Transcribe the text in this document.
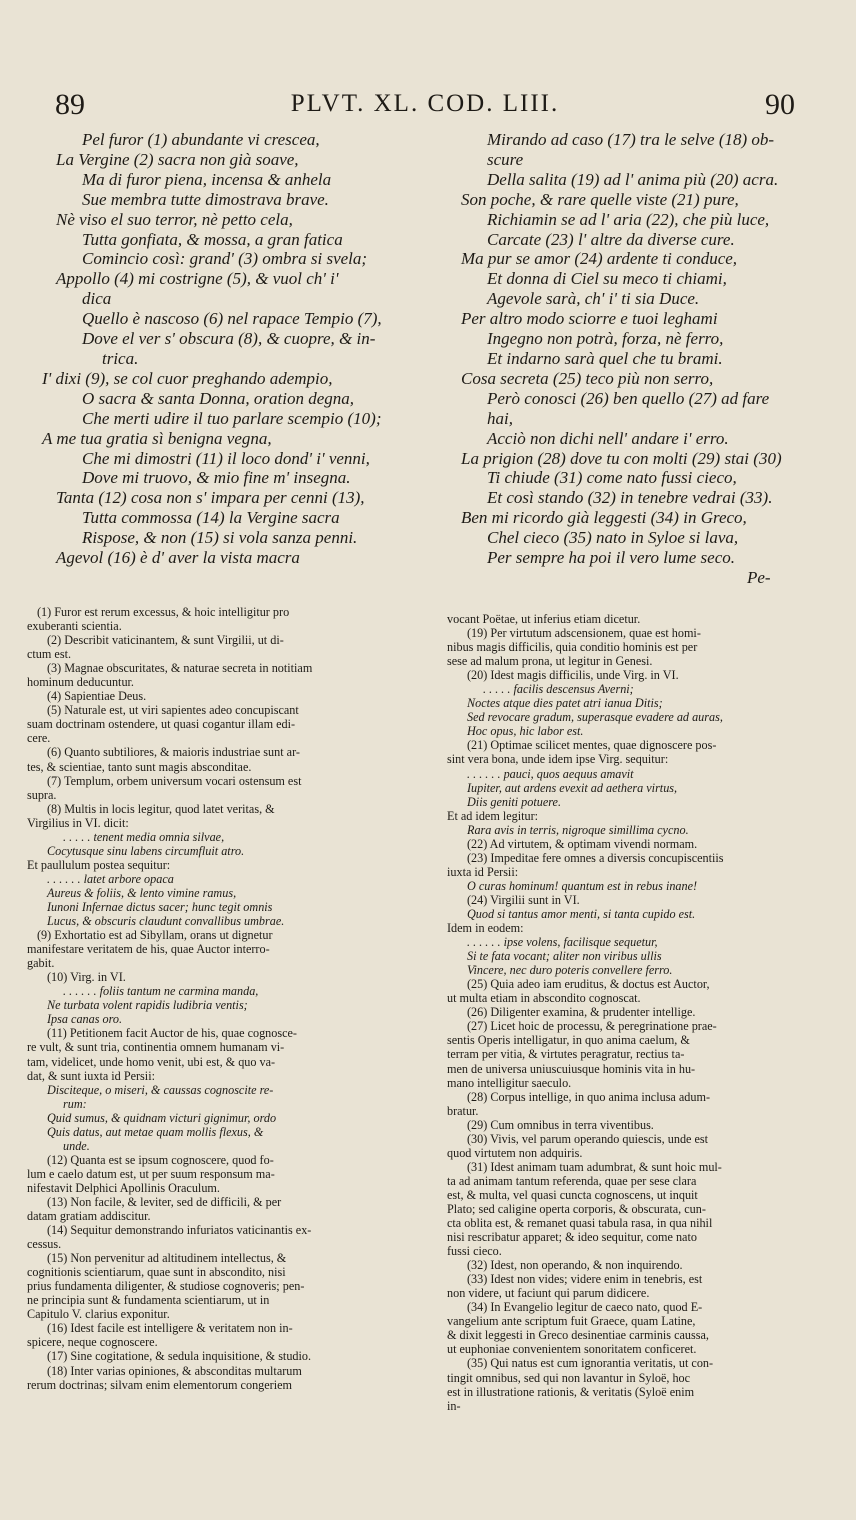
89	PLVT. XL. COD. LIII.	90

Pel furor (1) abundante vi crescea,

La Vergine (2) sacra non già soave,

Ma di furor piena, incensa & anhela

Sue membra tutte dimostrava brave.

Nè viso el suo terror, nè petto cela,

Tutta gonfiata, & mossa, a gran fatica

Comincio così: grand' (3) ombra si svela;

Appollo (4) mi costrigne (5), & vuol ch' i'

dica

Quello è nascoso (6) nel rapace Tempio (7),

Dove el ver s' obscura (8), & cuopre, & in-

trica.

I' dixi (9), se col cuor preghando adempio,

O sacra & santa Donna, oration degna,

Che merti udire il tuo parlare scempio (10);

A me tua gratia sì benigna vegna,

Che mi dimostri (11) il loco dond' i' venni,

Dove mi truovo, & mio fine m' insegna.

Tanta (12) cosa non s' impara per cenni (13),

Tutta commossa (14) la Vergine sacra

Rispose, & non (15) si vola sanza penni.

Agevol (16) è d' aver la vista macra

Mirando ad caso (17) tra le selve (18) ob-

scure

Della salita (19) ad l' anima più (20) acra.

Son poche, & rare quelle viste (21) pure,

Richiamin se ad l' aria (22), che più luce,

Carcate (23) l' altre da diverse cure.

Ma pur se amor (24) ardente ti conduce,

Et donna di Ciel su meco ti chiami,

Agevole sarà, ch' i' ti sia Duce.

Per altro modo sciorre e tuoi leghami

Ingegno non potrà, forza, nè ferro,

Et indarno sarà quel che tu brami.

Cosa secreta (25) teco più non serro,

Però conosci (26) ben quello (27) ad fare

hai,

Acciò non dichi nell' andare i' erro.

La prigion (28) dove tu con molti (29) stai (30)

Ti chiude (31) come nato fussi cieco,

Et così stando (32) in tenebre vedrai (33).

Ben mi ricordo già leggesti (34) in Greco,

Chel cieco (35) nato in Syloe si lava,

Per sempre ha poi il vero lume seco.

Pe-

(1) Furor est rerum excessus, & hoic intelligitur pro

exuberanti scientia.

(2) Describit vaticinantem, & sunt Virgilii, ut di-

ctum est.

(3) Magnae obscuritates, & naturae secreta in notitiam

hominum deducuntur.

(4) Sapientiae Deus.

(5) Naturale est, ut viri sapientes adeo concupiscant

suam doctrinam ostendere, ut quasi cogantur illam edi-

cere.

(6) Quanto subtiliores, & maioris industriae sunt ar-

tes, & scientiae, tanto sunt magis absconditae.

(7) Templum, orbem universum vocari ostensum est

supra.

(8) Multis in locis legitur, quod latet veritas, &

Virgilius in VI. dicit:

. . . . . tenent media omnia silvae,

Cocytusque sinu labens circumfluit atro.

Et paullulum postea sequitur:

. . . . . . latet arbore opaca

Aureus & foliis, & lento vimine ramus,

Iunoni Infernae dictus sacer; hunc tegit omnis

Lucus, & obscuris claudunt convallibus umbrae.

(9) Exhortatio est ad Sibyllam, orans ut dignetur

manifestare veritatem de his, quae Auctor interro-

gabit.

(10) Virg. in VI.

. . . . . . foliis tantum ne carmina manda,

Ne turbata volent rapidis ludibria ventis;

Ipsa canas oro.

(11) Petitionem facit Auctor de his, quae cognosce-

re vult, & sunt tria, continentia omnem humanam vi-

tam, videlicet, unde homo venit, ubi est, & quo va-

dat, & sunt iuxta id Persii:

Disciteque, o miseri, & caussas cognoscite re-

rum:

Quid sumus, & quidnam victuri gignimur, ordo

Quis datus, aut metae quam mollis flexus, &

unde.

(12) Quanta est se ipsum cognoscere, quod fo-

lum e caelo datum est, ut per suum responsum ma-

nifestavit Delphici Apollinis Oraculum.

(13) Non facile, & leviter, sed de difficili, & per

datam gratiam addiscitur.

(14) Sequitur demonstrando infuriatos vaticinantis ex-

cessus.

(15) Non pervenitur ad altitudinem intellectus, &

cognitionis scientiarum, quae sunt in abscondito, nisi

prius fundamenta diligenter, & studiose cognoveris; pen-

ne principia sunt & fundamenta scientiarum, ut in

Capitulo V. clarius exponitur.

(16) Idest facile est intelligere & veritatem non in-

spicere, neque cognoscere.

(17) Sine cogitatione, & sedula inquisitione, & studio.

(18) Inter varias opiniones, & absconditas multarum

rerum doctrinas; silvam enim elementorum congeriem

vocant Poëtae, ut inferius etiam dicetur.

(19) Per virtutum adscensionem, quae est homi-

nibus magis difficilis, quia conditio hominis est per

sese ad malum prona, ut legitur in Genesi.

(20) Idest magis difficilis, unde Virg. in VI.

. . . . . facilis descensus Averni;

Noctes atque dies patet atri ianua Ditis;

Sed revocare gradum, superasque evadere ad auras,

Hoc opus, hic labor est.

(21) Optimae scilicet mentes, quae dignoscere pos-

sint vera bona, unde idem ipse Virg. sequitur:

. . . . . . pauci, quos aequus amavit

Iupiter, aut ardens evexit ad aethera virtus,

Diis geniti potuere.

Et ad idem legitur:

Rara avis in terris, nigroque simillima cycno.

(22) Ad virtutem, & optimam vivendi normam.

(23) Impeditae fere omnes a diversis concupiscentiis

iuxta id Persii:

O curas hominum! quantum est in rebus inane!

(24) Virgilii sunt in VI.

Quod si tantus amor menti, si tanta cupido est.

Idem in eodem:

. . . . . . ipse volens, facilisque sequetur,

Si te fata vocant; aliter non viribus ullis

Vincere, nec duro poteris convellere ferro.

(25) Quia adeo iam eruditus, & doctus est Auctor,

ut multa etiam in abscondito cognoscat.

(26) Diligenter examina, & prudenter intellige.

(27) Licet hoic de processu, & peregrinatione prae-

sentis Operis intelligatur, in quo anima caelum, &

terram per vitia, & virtutes peragratur, rectius ta-

men de universa uniuscuiusque hominis vita in hu-

mano intelligitur saeculo.

(28) Corpus intellige, in quo anima inclusa adum-

bratur.

(29) Cum omnibus in terra viventibus.

(30) Vivis, vel parum operando quiescis, unde est

quod virtutem non adquiris.

(31) Idest animam tuam adumbrat, & sunt hoic mul-

ta ad animam tantum referenda, quae per sese clara

est, & multa, vel quasi cuncta cognoscens, ut inquit

Plato; sed caligine operta corporis, & obscurata, cun-

cta oblita est, & remanet quasi tabula rasa, in qua nihil

nisi rescribatur apparet; & ideo sequitur, come nato

fussi cieco.

(32) Idest, non operando, & non inquirendo.

(33) Idest non vides; videre enim in tenebris, est

non videre, ut faciunt qui parum didicere.

(34) In Evangelio legitur de caeco nato, quod E-

vangelium ante scriptum fuit Graece, quam Latine,

& dixit leggesti in Greco desinentiae carminis caussa,

ut euphoniae convenientem sonoritatem conficeret.

(35) Qui natus est cum ignorantia veritatis, ut con-

tingit omnibus, sed qui non lavantur in Syloë, hoc

est in illustratione rationis, & veritatis (Syloë enim

in-
